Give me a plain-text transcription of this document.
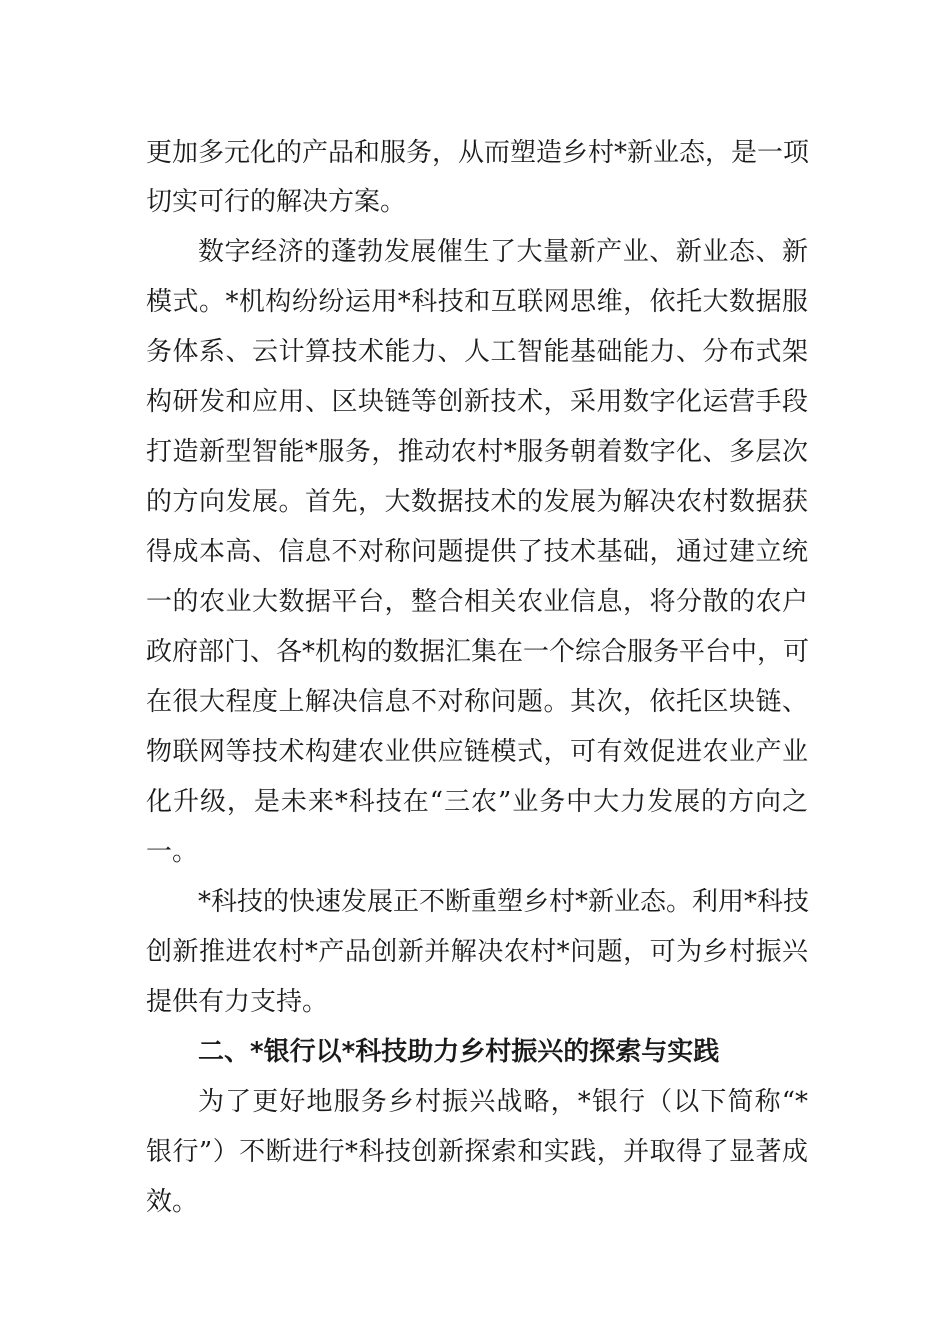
更加多元化的产品和服务，从而塑造乡村*新业态，是一项
切实可行的解决方案。
数字经济的蓬勃发展催生了大量新产业、新业态、新
模式。*机构纷纷运用*科技和互联网思维，依托大数据服
务体系、云计算技术能力、人工智能基础能力、分布式架
构研发和应用、区块链等创新技术，采用数字化运营手段
打造新型智能*服务，推动农村*服务朝着数字化、多层次
的方向发展。首先，大数据技术的发展为解决农村数据获
得成本高、信息不对称问题提供了技术基础，通过建立统
一的农业大数据平台，整合相关农业信息，将分散的农户
政府部门、各*机构的数据汇集在一个综合服务平台中，可
在很大程度上解决信息不对称问题。其次，依托区块链、
物联网等技术构建农业供应链模式，可有效促进农业产业
化升级，是未来*科技在“三农”业务中大力发展的方向之
一。
*科技的快速发展正不断重塑乡村*新业态。利用*科技
创新推进农村*产品创新并解决农村*问题，可为乡村振兴
提供有力支持。
二、*银行以*科技助力乡村振兴的探索与实践
为了更好地服务乡村振兴战略，*银行（以下简称“*
银行”）不断进行*科技创新探索和实践，并取得了显著成
效。
